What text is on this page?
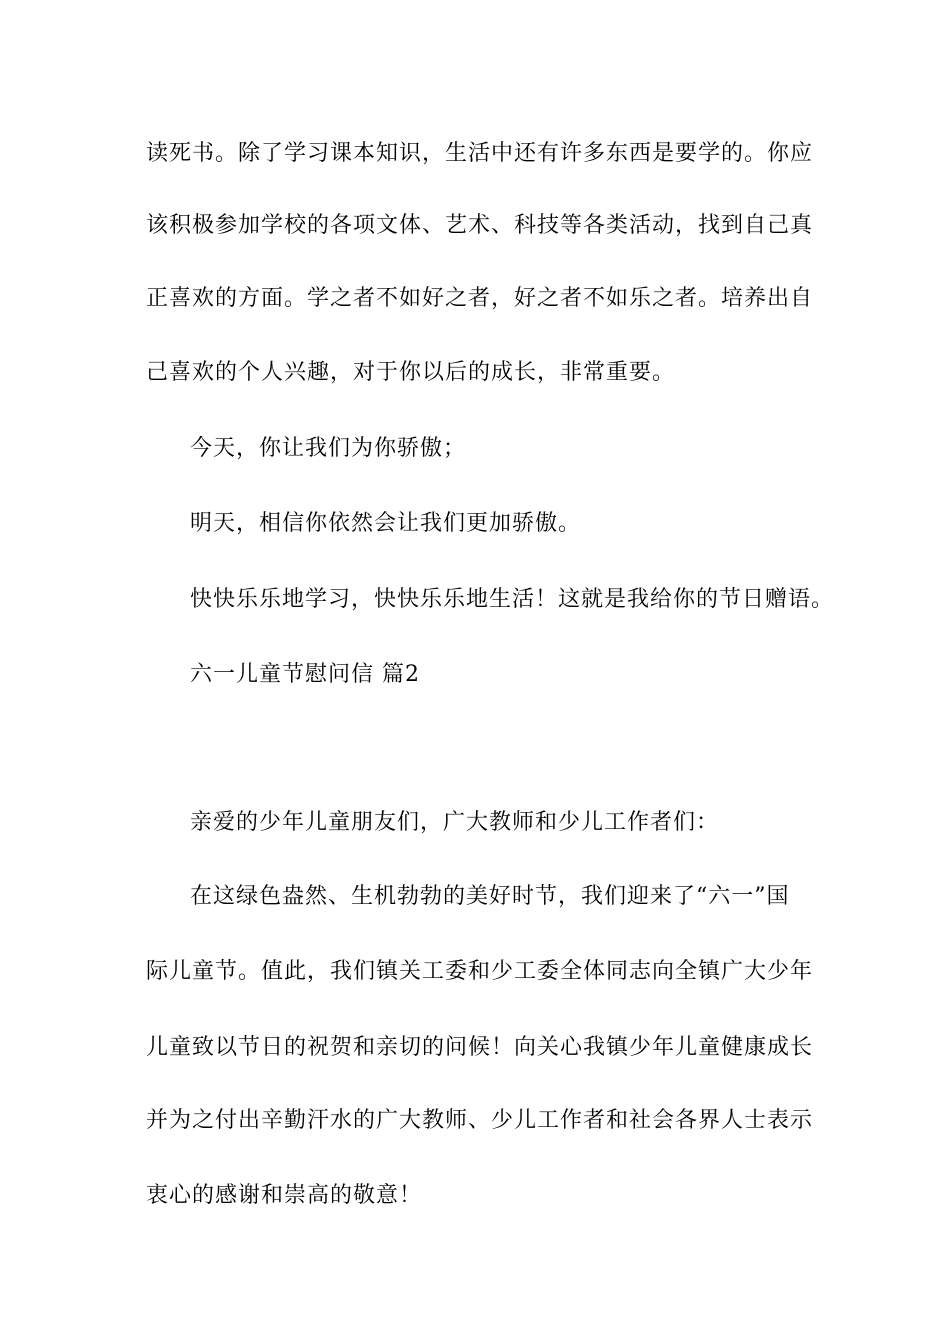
读死书。除了学习课本知识，生活中还有许多东西是要学的。你应
该积极参加学校的各项文体、艺术、科技等各类活动，找到自己真
正喜欢的方面。学之者不如好之者，好之者不如乐之者。培养出自
己喜欢的个人兴趣，对于你以后的成长，非常重要。
今天，你让我们为你骄傲；
明天，相信你依然会让我们更加骄傲。
快快乐乐地学习，快快乐乐地生活！这就是我给你的节日赠语。
六一儿童节慰问信 篇2
亲爱的少年儿童朋友们，广大教师和少儿工作者们：
在这绿色盎然、生机勃勃的美好时节，我们迎来了“六一”国
际儿童节。值此，我们镇关工委和少工委全体同志向全镇广大少年
儿童致以节日的祝贺和亲切的问候！向关心我镇少年儿童健康成长
并为之付出辛勤汗水的广大教师、少儿工作者和社会各界人士表示
衷心的感谢和崇高的敬意！
